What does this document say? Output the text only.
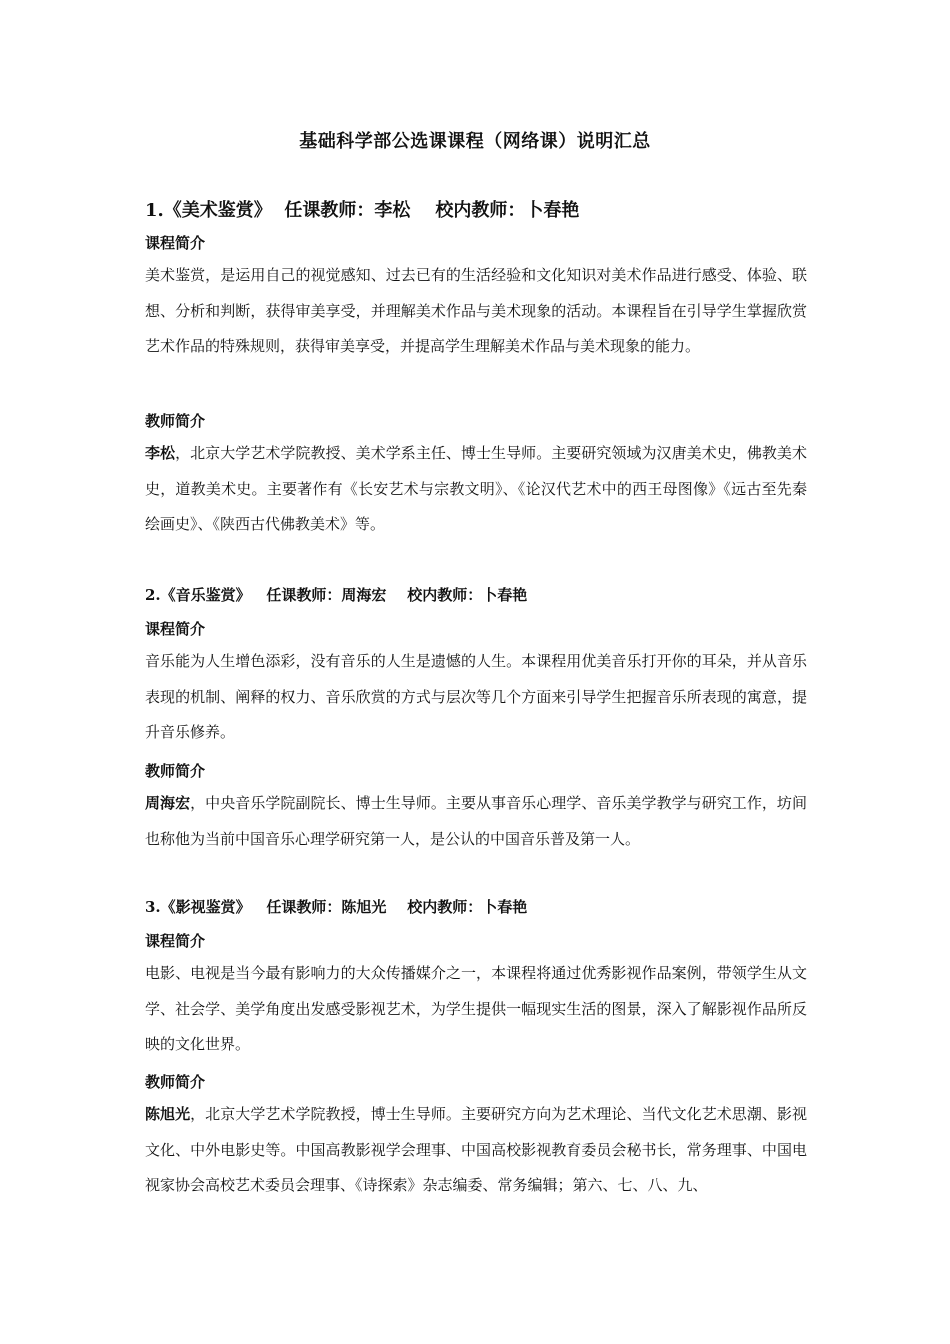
基础科学部公选课课程（网络课）说明汇总
1.《美术鉴赏》  任课教师：李松    校内教师：卜春艳
课程简介

美术鉴赏，是运用自己的视觉感知、过去已有的生活经验和文化知识对美术作品进行感受、体验、联想、分析和判断，获得审美享受，并理解美术作品与美术现象的活动。本课程旨在引导学生掌握欣赏艺术作品的特殊规则，获得审美享受，并提高学生理解美术作品与美术现象的能力。

教师简介

李松，北京大学艺术学院教授、美术学系主任、博士生导师。主要研究领域为汉唐美术史，佛教美术史，道教美术史。主要著作有《长安艺术与宗教文明》、《论汉代艺术中的西王母图像》《远古至先秦绘画史》、《陕西古代佛教美术》等。

2.《音乐鉴赏》   任课教师：周海宏    校内教师：卜春艳
课程简介

音乐能为人生增色添彩，没有音乐的人生是遗憾的人生。本课程用优美音乐打开你的耳朵，并从音乐表现的机制、阐释的权力、音乐欣赏的方式与层次等几个方面来引导学生把握音乐所表现的寓意，提升音乐修养。

教师简介

周海宏，中央音乐学院副院长、博士生导师。主要从事音乐心理学、音乐美学教学与研究工作，坊间也称他为当前中国音乐心理学研究第一人，是公认的中国音乐普及第一人。

3.《影视鉴赏》   任课教师：陈旭光    校内教师：卜春艳
课程简介

电影、电视是当今最有影响力的大众传播媒介之一，本课程将通过优秀影视作品案例，带领学生从文学、社会学、美学角度出发感受影视艺术，为学生提供一幅现实生活的图景，深入了解影视作品所反映的文化世界。

教师简介

陈旭光，北京大学艺术学院教授，博士生导师。主要研究方向为艺术理论、当代文化艺术思潮、影视文化、中外电影史等。中国高教影视学会理事、中国高校影视教育委员会秘书长，常务理事、中国电视家协会高校艺术委员会理事、《诗探索》杂志编委、常务编辑；第六、七、八、九、
